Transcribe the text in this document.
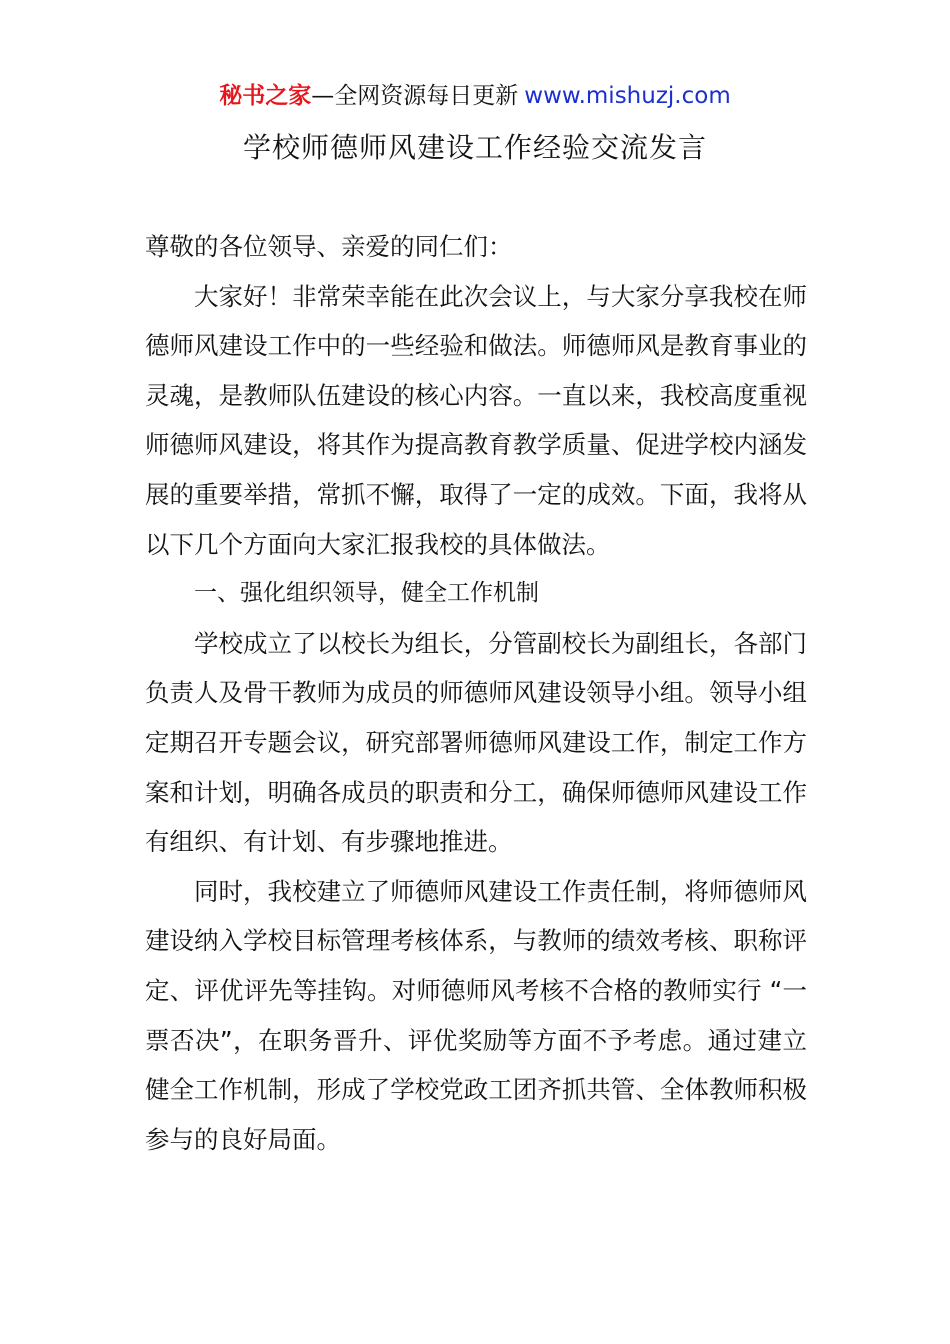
秘书之家—全网资源每日更新 www.mishuzj.com
学校师德师风建设工作经验交流发言

尊敬的各位领导、亲爱的同仁们：

大家好！非常荣幸能在此次会议上，与大家分享我校在师德师风建设工作中的一些经验和做法。师德师风是教育事业的灵魂，是教师队伍建设的核心内容。一直以来，我校高度重视师德师风建设，将其作为提高教育教学质量、促进学校内涵发展的重要举措，常抓不懈，取得了一定的成效。下面，我将从以下几个方面向大家汇报我校的具体做法。

一、强化组织领导，健全工作机制

学校成立了以校长为组长，分管副校长为副组长，各部门负责人及骨干教师为成员的师德师风建设领导小组。领导小组定期召开专题会议，研究部署师德师风建设工作，制定工作方案和计划，明确各成员的职责和分工，确保师德师风建设工作有组织、有计划、有步骤地推进。

同时，我校建立了师德师风建设工作责任制，将师德师风建设纳入学校目标管理考核体系，与教师的绩效考核、职称评定、评优评先等挂钩。对师德师风考核不合格的教师实行 “一票否决”，在职务晋升、评优奖励等方面不予考虑。通过建立健全工作机制，形成了学校党政工团齐抓共管、全体教师积极参与的良好局面。
